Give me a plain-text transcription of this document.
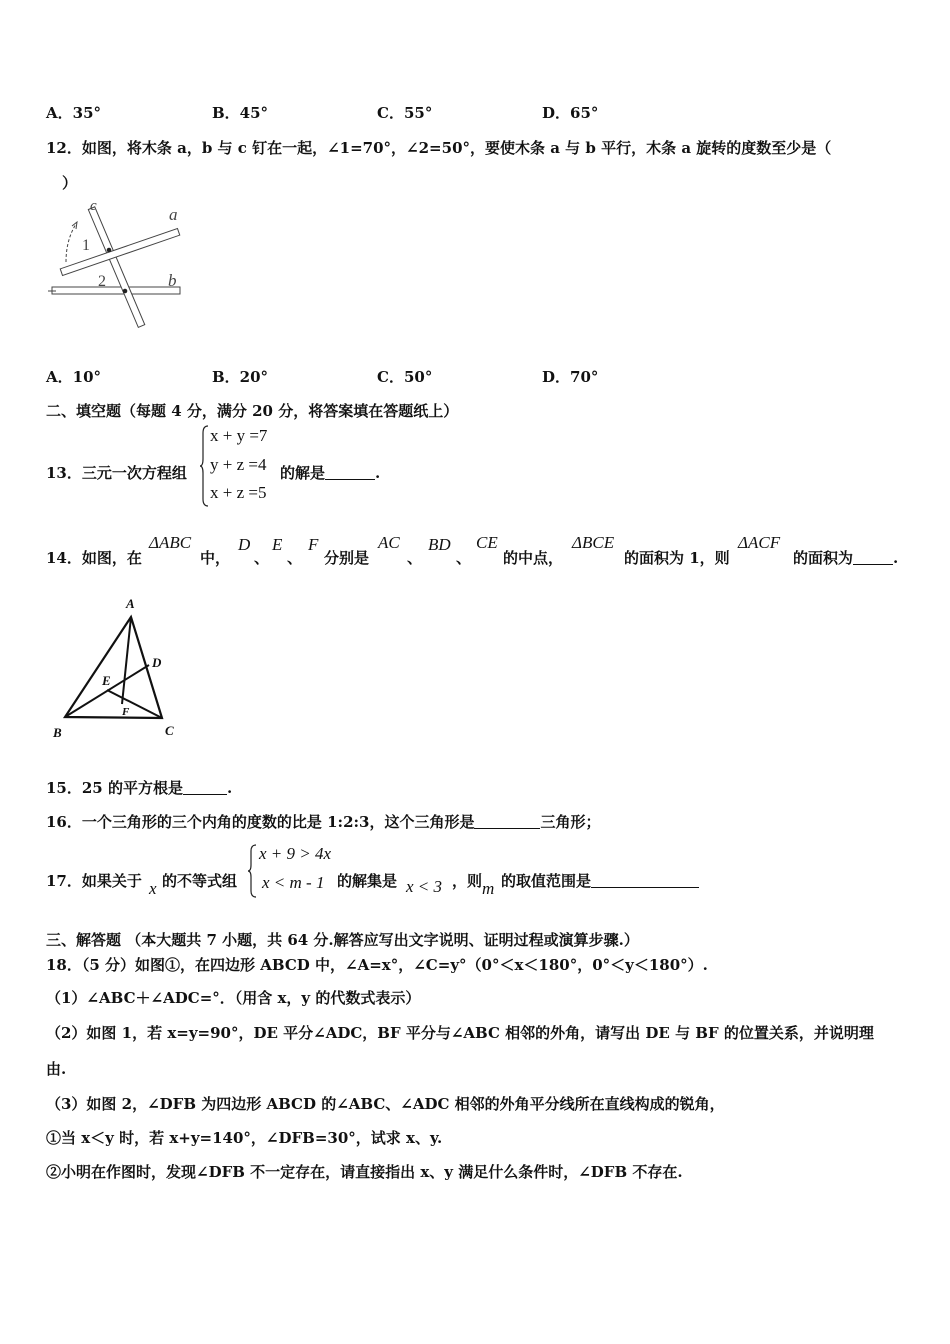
A．35°	B．45°	C．55°	D．65°
12．如图，将木条 a，b 与 c 钉在一起，∠1=70°，∠2=50°，要使木条 a 与 b 平行，木条 a 旋转的度数至少是（
）
c	a
b
1
2
A．10°	B．20°	C．50°	D．70°
二、填空题（每题 4 分，满分 20 分，将答案填在答题纸上）
13．三元一次方程组
x + y =7
y + z =4
x + z =5
的解是	.
14．如图，在
ΔABC
中，
D
、
E
、
F
分别是
AC
、
BD
、
CE
的中点，
ΔBCE
的面积为 1，则
ΔACF
的面积为	.
A
D
E
F
B	C
15．25 的平方根是	.
16．一个三角形的三个内角的度数的比是 1:2:3，这个三角形是	三角形；
17．如果关于 x 的不等式组
x + 9 > 4x
x < m - 1 的解集是 x < 3 ，则 m 的取值范围是
三、解答题 （本大题共 7 小题，共 64 分.解答应写出文字说明、证明过程或演算步骤.）
18．（5 分）如图①，在四边形 ABCD 中，∠A=x°，∠C=y°（0°＜x＜180°，0°＜y＜180°）.
（1）∠ABC＋∠ADC=°．（用含 x，y 的代数式表示）
（2）如图 1，若 x=y=90°，DE 平分∠ADC，BF 平分与∠ABC 相邻的外角，请写出 DE 与 BF 的位置关系，并说明理
由.
（3）如图 2，∠DFB 为四边形 ABCD 的∠ABC、∠ADC 相邻的外角平分线所在直线构成的锐角，
①当 x＜y 时，若 x+y=140°，∠DFB=30°，试求 x、y.
②小明在作图时，发现∠DFB 不一定存在，请直接指出 x、y 满足什么条件时，∠DFB 不存在.
